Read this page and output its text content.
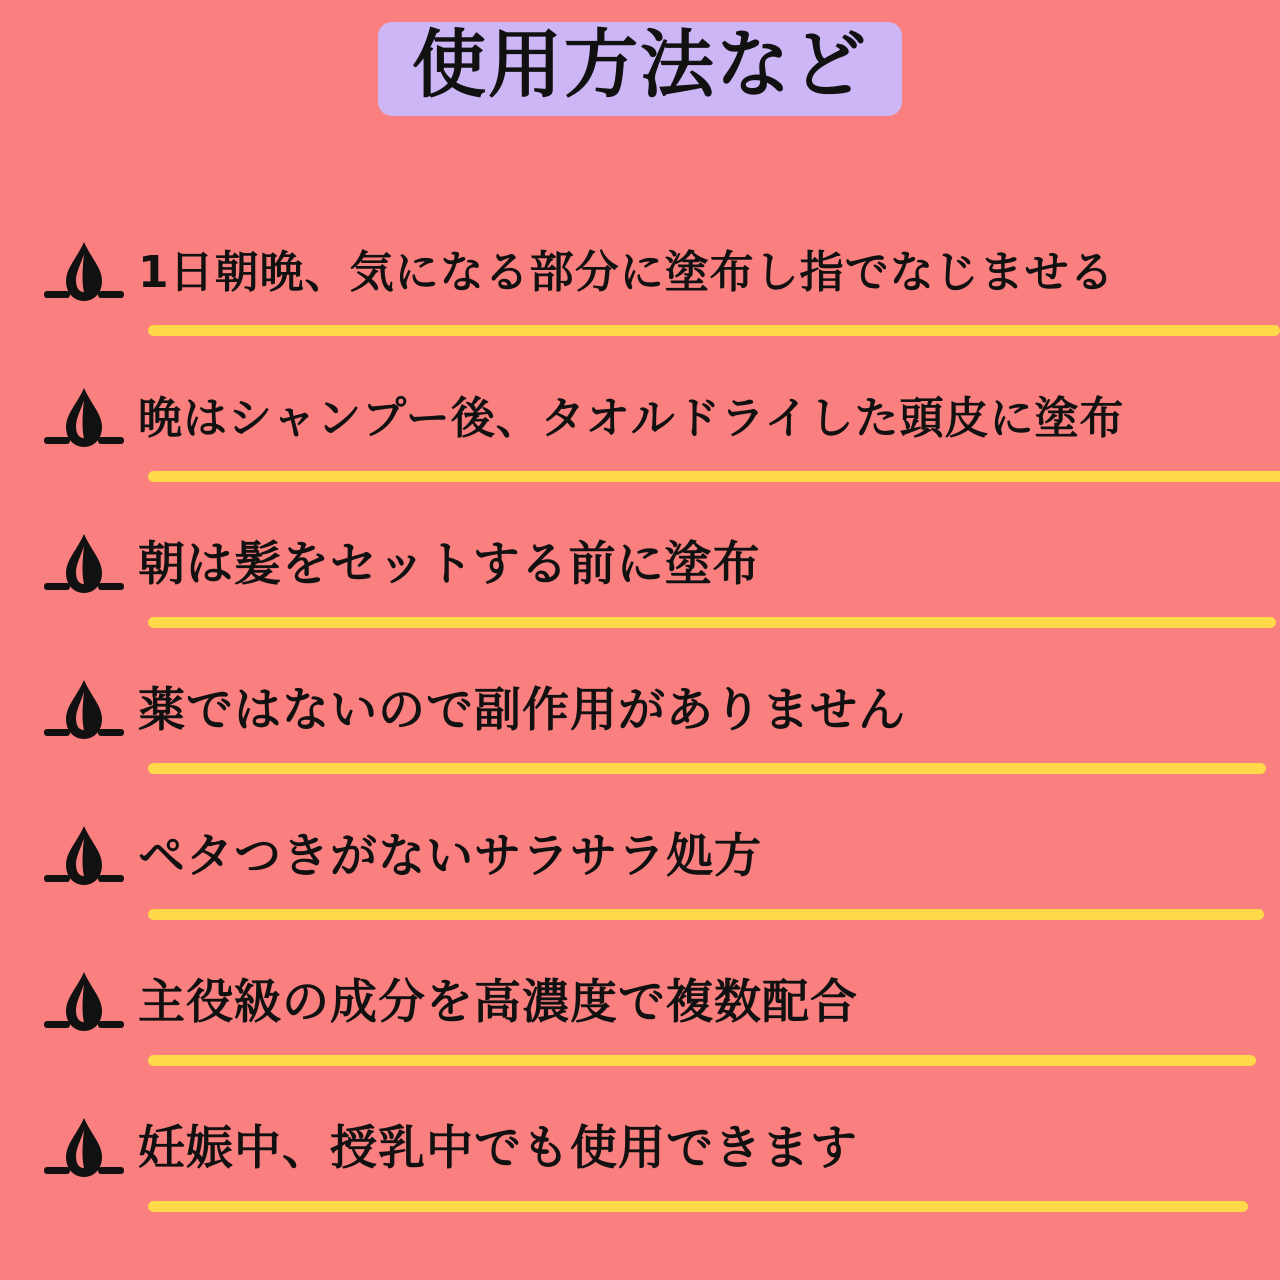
使用方法など
1日朝晩、気になる部分に塗布し指でなじませる
晩はシャンプー後、タオルドライした頭皮に塗布
朝は髪をセットする前に塗布
薬ではないので副作用がありません
ペタつきがないサラサラ処方
主役級の成分を高濃度で複数配合
妊娠中、授乳中でも使用できます
